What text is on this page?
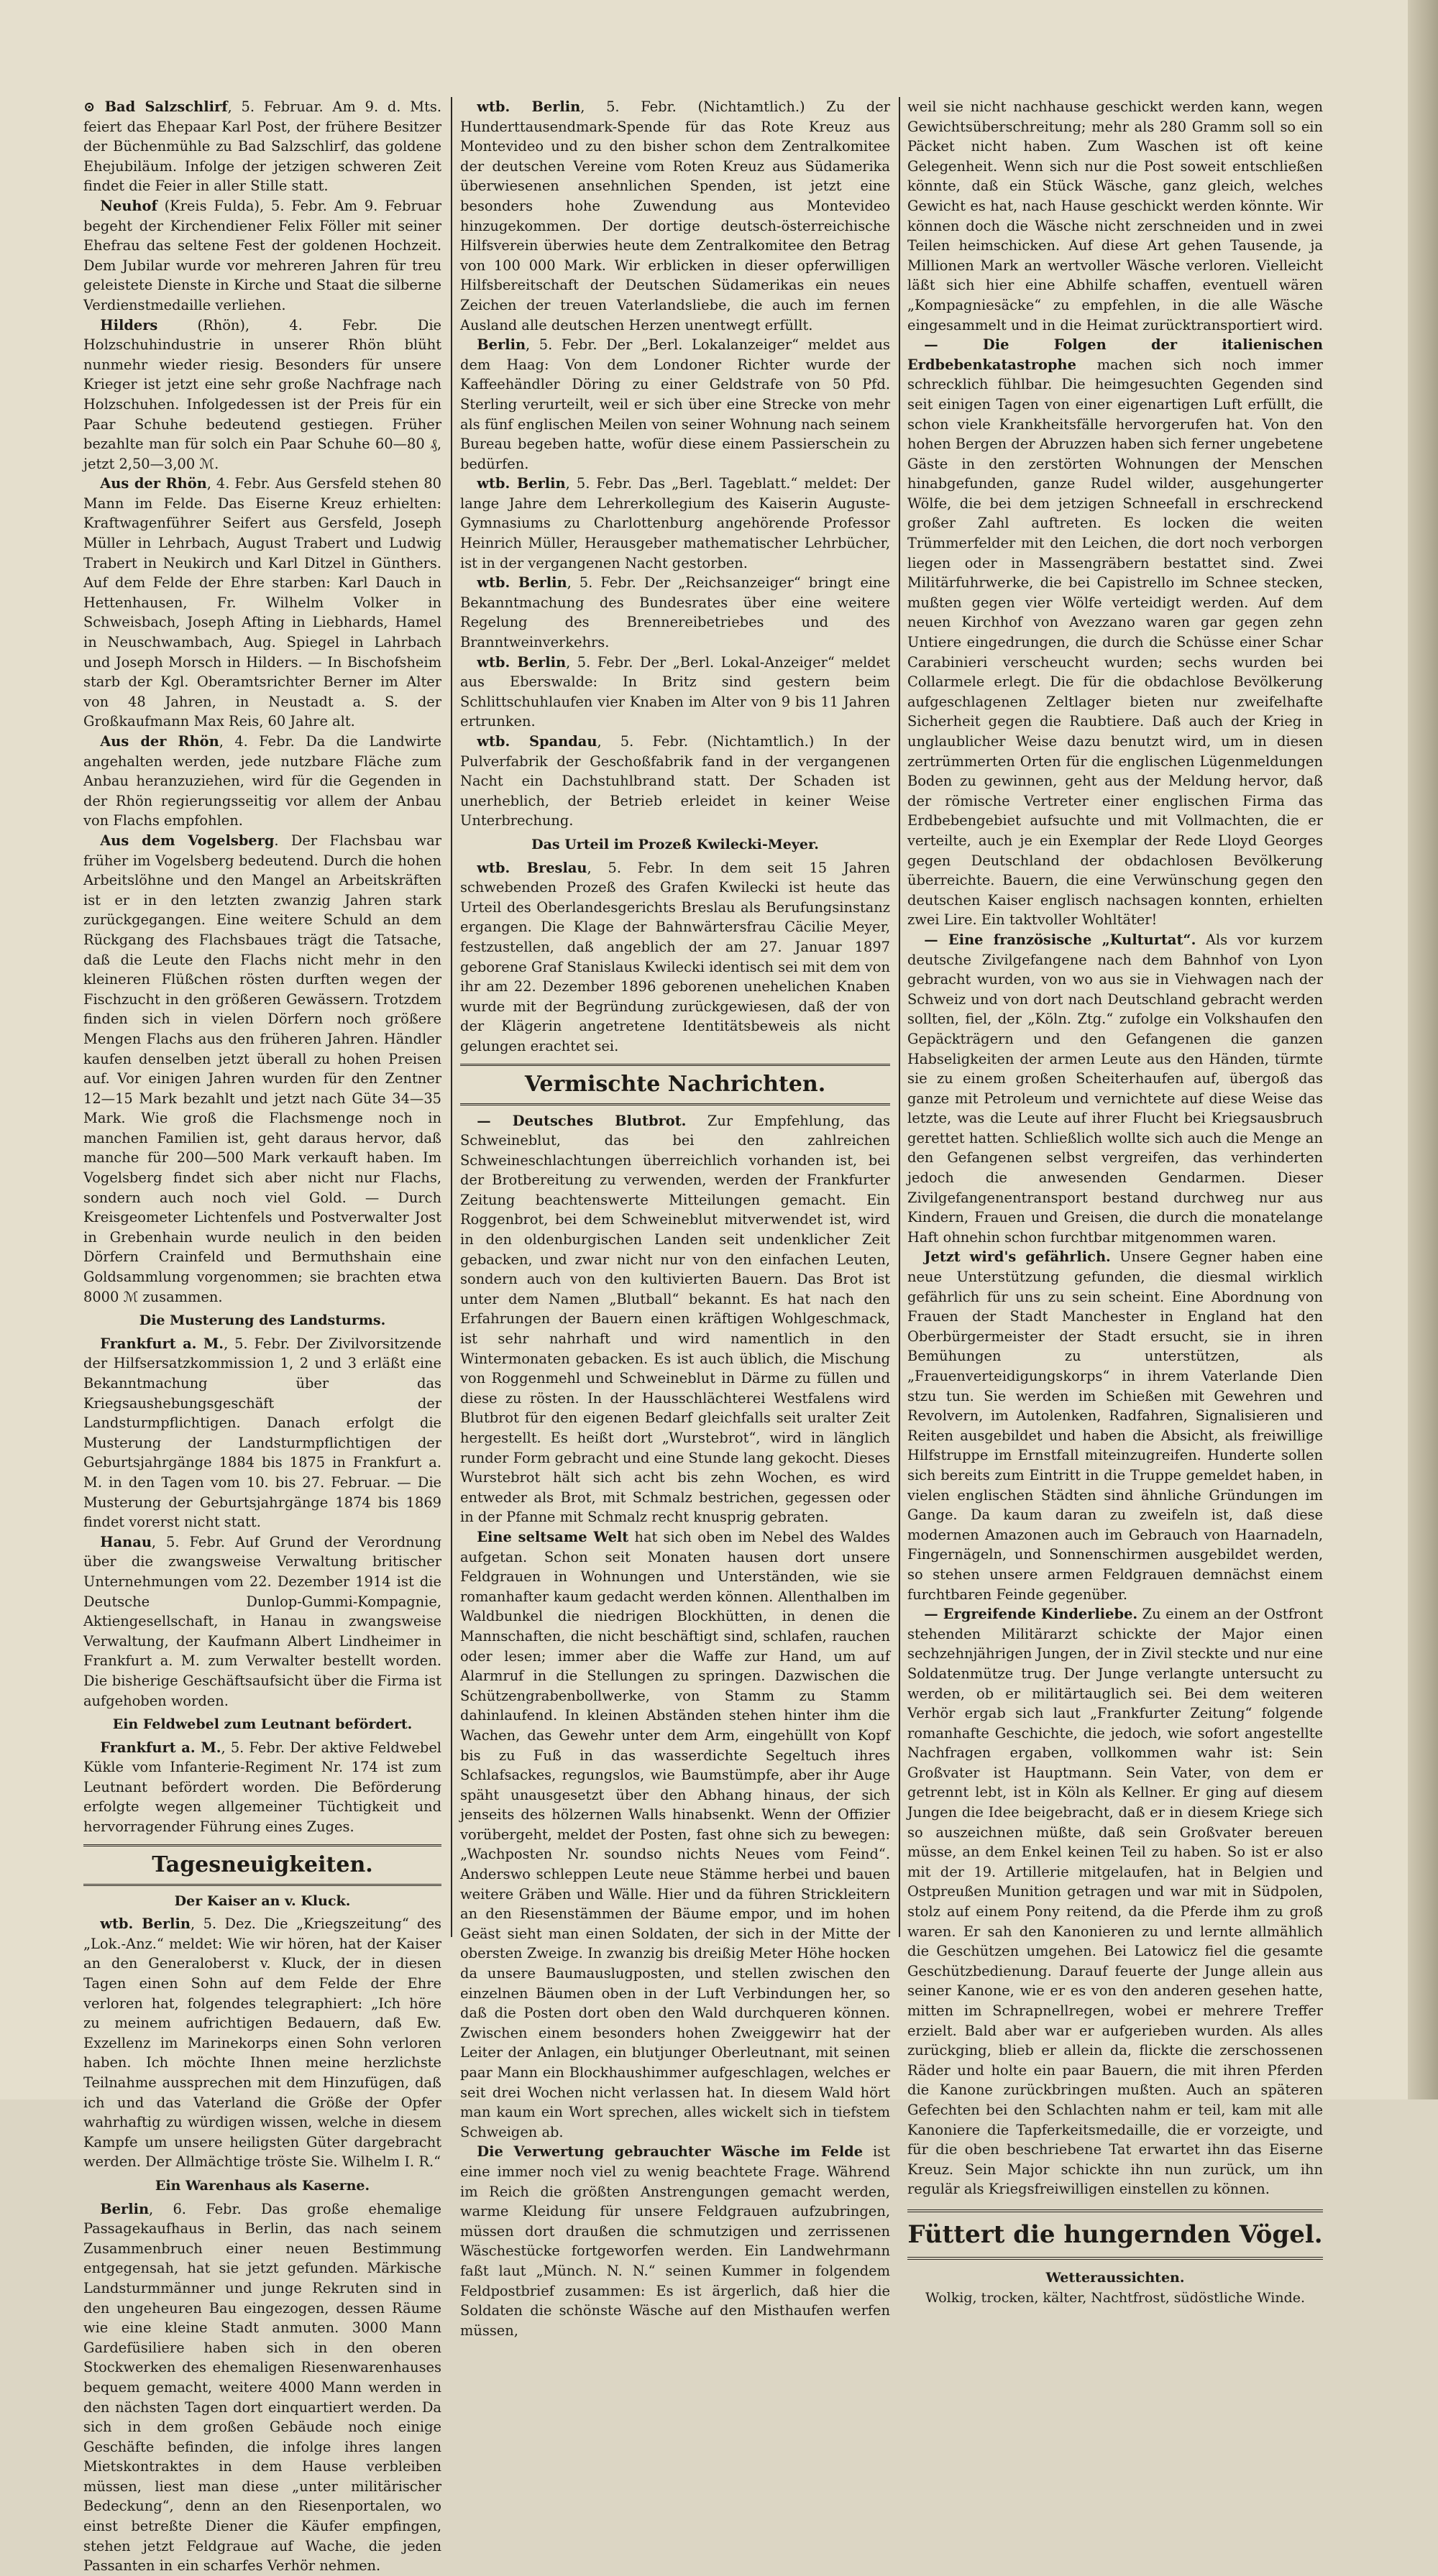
⊙ Bad Salzschlirf, 5. Februar. Am 9. d. Mts. feiert das Ehepaar Karl Post, der frühere Besitzer der Büchenmühle zu Bad Salzschlirf, das goldene Ehejubiläum. Infolge der jetzigen schweren Zeit findet die Feier in aller Stille statt.

Neuhof (Kreis Fulda), 5. Febr. Am 9. Februar begeht der Kirchendiener Felix Föller mit seiner Ehefrau das seltene Fest der goldenen Hochzeit. Dem Jubilar wurde vor mehreren Jahren für treu geleistete Dienste in Kirche und Staat die silberne Verdienstmedaille verliehen.

Hilders (Rhön), 4. Febr. Die Holzschuhindustrie in unserer Rhön blüht nunmehr wieder riesig. Besonders für unsere Krieger ist jetzt eine sehr große Nachfrage nach Holzschuhen. Infolgedessen ist der Preis für ein Paar Schuhe bedeutend gestiegen. Früher bezahlte man für solch ein Paar Schuhe 60—80 ₰, jetzt 2,50—3,00 ℳ.

Aus der Rhön, 4. Febr. Aus Gersfeld stehen 80 Mann im Felde. Das Eiserne Kreuz erhielten: Kraftwagenführer Seifert aus Gersfeld, Joseph Müller in Lehrbach, August Trabert und Ludwig Trabert in Neukirch und Karl Ditzel in Günthers. Auf dem Felde der Ehre starben: Karl Dauch in Hettenhausen, Fr. Wilhelm Volker in Schweisbach, Joseph Afting in Liebhards, Hamel in Neuschwambach, Aug. Spiegel in Lahrbach und Joseph Morsch in Hilders. — In Bischofsheim starb der Kgl. Oberamtsrichter Berner im Alter von 48 Jahren, in Neustadt a. S. der Großkaufmann Max Reis, 60 Jahre alt.

Aus der Rhön, 4. Febr. Da die Landwirte angehalten werden, jede nutzbare Fläche zum Anbau heranzuziehen, wird für die Gegenden in der Rhön regierungsseitig vor allem der Anbau von Flachs empfohlen.

Aus dem Vogelsberg. Der Flachsbau war früher im Vogelsberg bedeutend. Durch die hohen Arbeitslöhne und den Mangel an Arbeitskräften ist er in den letzten zwanzig Jahren stark zurückgegangen. Eine weitere Schuld an dem Rückgang des Flachsbaues trägt die Tatsache, daß die Leute den Flachs nicht mehr in den kleineren Flüßchen rösten durften wegen der Fischzucht in den größeren Gewässern. Trotzdem finden sich in vielen Dörfern noch größere Mengen Flachs aus den früheren Jahren. Händler kaufen denselben jetzt überall zu hohen Preisen auf. Vor einigen Jahren wurden für den Zentner 12—15 Mark bezahlt und jetzt nach Güte 34—35 Mark. Wie groß die Flachsmenge noch in manchen Familien ist, geht daraus hervor, daß manche für 200—500 Mark verkauft haben. Im Vogelsberg findet sich aber nicht nur Flachs, sondern auch noch viel Gold. — Durch Kreisgeometer Lichtenfels und Postverwalter Jost in Grebenhain wurde neulich in den beiden Dörfern Crainfeld und Bermuthshain eine Goldsammlung vorgenommen; sie brachten etwa 8000 ℳ zusammen.

Die Musterung des Landsturms.

Frankfurt a. M., 5. Febr. Der Zivilvorsitzende der Hilfsersatzkommission 1, 2 und 3 erläßt eine Bekanntmachung über das Kriegsaushebungsgeschäft der Landsturmpflichtigen. Danach erfolgt die Musterung der Landsturmpflichtigen der Geburtsjahrgänge 1884 bis 1875 in Frankfurt a. M. in den Tagen vom 10. bis 27. Februar. — Die Musterung der Geburtsjahrgänge 1874 bis 1869 findet vorerst nicht statt.

Hanau, 5. Febr. Auf Grund der Verordnung über die zwangsweise Verwaltung britischer Unternehmungen vom 22. Dezember 1914 ist die Deutsche Dunlop-Gummi-Kompagnie, Aktiengesellschaft, in Hanau in zwangsweise Verwaltung, der Kaufmann Albert Lindheimer in Frankfurt a. M. zum Verwalter bestellt worden. Die bisherige Geschäftsaufsicht über die Firma ist aufgehoben worden.

Ein Feldwebel zum Leutnant befördert.

Frankfurt a. M., 5. Febr. Der aktive Feldwebel Kükle vom Infanterie-Regiment Nr. 174 ist zum Leutnant befördert worden. Die Beförderung erfolgte wegen allgemeiner Tüchtigkeit und hervorragender Führung eines Zuges.

Tagesneuigkeiten.
Der Kaiser an v. Kluck.

wtb. Berlin, 5. Dez. Die „Kriegszeitung“ des „Lok.-Anz.“ meldet: Wie wir hören, hat der Kaiser an den Generaloberst v. Kluck, der in diesen Tagen einen Sohn auf dem Felde der Ehre verloren hat, folgendes telegraphiert: „Ich höre zu meinem aufrichtigen Bedauern, daß Ew. Exzellenz im Marinekorps einen Sohn verloren haben. Ich möchte Ihnen meine herzlichste Teilnahme aussprechen mit dem Hinzufügen, daß ich und das Vaterland die Größe der Opfer wahrhaftig zu würdigen wissen, welche in diesem Kampfe um unsere heiligsten Güter dargebracht werden. Der Allmächtige tröste Sie. Wilhelm I. R.“

Ein Warenhaus als Kaserne.

Berlin, 6. Febr. Das große ehemalige Passagekaufhaus in Berlin, das nach seinem Zusammenbruch einer neuen Bestimmung entgegensah, hat sie jetzt gefunden. Märkische Landsturmmänner und junge Rekruten sind in den ungeheuren Bau eingezogen, dessen Räume wie eine kleine Stadt anmuten. 3000 Mann Gardefüsiliere haben sich in den oberen Stockwerken des ehemaligen Riesenwarenhauses bequem gemacht, weitere 4000 Mann werden in den nächsten Tagen dort einquartiert werden. Da sich in dem großen Gebäude noch einige Geschäfte befinden, die infolge ihres langen Mietskontraktes in dem Hause verbleiben müssen, liest man diese „unter militärischer Bedeckung“, denn an den Riesenportalen, wo einst betreßte Diener die Käufer empfingen, stehen jetzt Feldgraue auf Wache, die jeden Passanten in ein scharfes Verhör nehmen.

wtb. Berlin, 5. Febr. (Nichtamtlich.) Zu der Hunderttausendmark-Spende für das Rote Kreuz aus Montevideo und zu den bisher schon dem Zentralkomitee der deutschen Vereine vom Roten Kreuz aus Südamerika überwiesenen ansehnlichen Spenden, ist jetzt eine besonders hohe Zuwendung aus Montevideo hinzugekommen. Der dortige deutsch-österreichische Hilfsverein überwies heute dem Zentralkomitee den Betrag von 100 000 Mark. Wir erblicken in dieser opferwilligen Hilfsbereitschaft der Deutschen Südamerikas ein neues Zeichen der treuen Vaterlandsliebe, die auch im fernen Ausland alle deutschen Herzen unentwegt erfüllt.

Berlin, 5. Febr. Der „Berl. Lokalanzeiger“ meldet aus dem Haag: Von dem Londoner Richter wurde der Kaffeehändler Döring zu einer Geldstrafe von 50 Pfd. Sterling verurteilt, weil er sich über eine Strecke von mehr als fünf englischen Meilen von seiner Wohnung nach seinem Bureau begeben hatte, wofür diese einem Passierschein zu bedürfen.

wtb. Berlin, 5. Febr. Das „Berl. Tageblatt.“ meldet: Der lange Jahre dem Lehrerkollegium des Kaiserin Auguste-Gymnasiums zu Charlottenburg angehörende Professor Heinrich Müller, Herausgeber mathematischer Lehrbücher, ist in der vergangenen Nacht gestorben.

wtb. Berlin, 5. Febr. Der „Reichsanzeiger“ bringt eine Bekanntmachung des Bundesrates über eine weitere Regelung des Brennereibetriebes und des Branntweinverkehrs.

wtb. Berlin, 5. Febr. Der „Berl. Lokal-Anzeiger“ meldet aus Eberswalde: In Britz sind gestern beim Schlittschuhlaufen vier Knaben im Alter von 9 bis 11 Jahren ertrunken.

wtb. Spandau, 5. Febr. (Nichtamtlich.) In der Pulverfabrik der Geschoßfabrik fand in der vergangenen Nacht ein Dachstuhlbrand statt. Der Schaden ist unerheblich, der Betrieb erleidet in keiner Weise Unterbrechung.

Das Urteil im Prozeß Kwilecki-Meyer.

wtb. Breslau, 5. Febr. In dem seit 15 Jahren schwebenden Prozeß des Grafen Kwilecki ist heute das Urteil des Oberlandesgerichts Breslau als Berufungsinstanz ergangen. Die Klage der Bahnwärtersfrau Cäcilie Meyer, festzustellen, daß angeblich der am 27. Januar 1897 geborene Graf Stanislaus Kwilecki identisch sei mit dem von ihr am 22. Dezember 1896 geborenen unehelichen Knaben wurde mit der Begründung zurückgewiesen, daß der von der Klägerin angetretene Identitätsbeweis als nicht gelungen erachtet sei.

Vermischte Nachrichten.

— Deutsches Blutbrot. Zur Empfehlung, das Schweineblut, das bei den zahlreichen Schweineschlachtungen überreichlich vorhanden ist, bei der Brotbereitung zu verwenden, werden der Frankfurter Zeitung beachtenswerte Mitteilungen gemacht. Ein Roggenbrot, bei dem Schweineblut mitverwendet ist, wird in den oldenburgischen Landen seit undenklicher Zeit gebacken, und zwar nicht nur von den einfachen Leuten, sondern auch von den kultivierten Bauern. Das Brot ist unter dem Namen „Blutball“ bekannt. Es hat nach den Erfahrungen der Bauern einen kräftigen Wohlgeschmack, ist sehr nahrhaft und wird namentlich in den Wintermonaten gebacken. Es ist auch üblich, die Mischung von Roggenmehl und Schweineblut in Därme zu füllen und diese zu rösten. In der Hausschlächterei Westfalens wird Blutbrot für den eigenen Bedarf gleichfalls seit uralter Zeit hergestellt. Es heißt dort „Wurstebrot“, wird in länglich runder Form gebracht und eine Stunde lang gekocht. Dieses Wurstebrot hält sich acht bis zehn Wochen, es wird entweder als Brot, mit Schmalz bestrichen, gegessen oder in der Pfanne mit Schmalz recht knusprig gebraten.

Eine seltsame Welt hat sich oben im Nebel des Waldes aufgetan. Schon seit Monaten hausen dort unsere Feldgrauen in Wohnungen und Unterständen, wie sie romanhafter kaum gedacht werden können. Allenthalben im Waldbunkel die niedrigen Blockhütten, in denen die Mannschaften, die nicht beschäftigt sind, schlafen, rauchen oder lesen; immer aber die Waffe zur Hand, um auf Alarmruf in die Stellungen zu springen. Dazwischen die Schützengrabenbollwerke, von Stamm zu Stamm dahinlaufend. In kleinen Abständen stehen hinter ihm die Wachen, das Gewehr unter dem Arm, eingehüllt von Kopf bis zu Fuß in das wasserdichte Segeltuch ihres Schlafsackes, regungslos, wie Baumstümpfe, aber ihr Auge späht unausgesetzt über den Abhang hinaus, der sich jenseits des hölzernen Walls hinabsenkt. Wenn der Offizier vorübergeht, meldet der Posten, fast ohne sich zu bewegen: „Wachposten Nr. soundso nichts Neues vom Feind“. Anderswo schleppen Leute neue Stämme herbei und bauen weitere Gräben und Wälle. Hier und da führen Strickleitern an den Riesenstämmen der Bäume empor, und im hohen Geäst sieht man einen Soldaten, der sich in der Mitte der obersten Zweige. In zwanzig bis dreißig Meter Höhe hocken da unsere Baumauslugposten, und stellen zwischen den einzelnen Bäumen oben in der Luft Verbindungen her, so daß die Posten dort oben den Wald durchqueren können. Zwischen einem besonders hohen Zweiggewirr hat der Leiter der Anlagen, ein blutjunger Oberleutnant, mit seinen paar Mann ein Blockhaushimmer aufgeschlagen, welches er seit drei Wochen nicht verlassen hat. In diesem Wald hört man kaum ein Wort sprechen, alles wickelt sich in tiefstem Schweigen ab.

Die Verwertung gebrauchter Wäsche im Felde ist eine immer noch viel zu wenig beachtete Frage. Während im Reich die größten Anstrengungen gemacht werden, warme Kleidung für unsere Feldgrauen aufzubringen, müssen dort draußen die schmutzigen und zerrissenen Wäschestücke fortgeworfen werden. Ein Landwehrmann faßt laut „Münch. N. N.“ seinen Kummer in folgendem Feldpostbrief zusammen: Es ist ärgerlich, daß hier die Soldaten die schönste Wäsche auf den Misthaufen werfen müssen,

weil sie nicht nachhause geschickt werden kann, wegen Gewichtsüberschreitung; mehr als 280 Gramm soll so ein Päcket nicht haben. Zum Waschen ist oft keine Gelegenheit. Wenn sich nur die Post soweit entschließen könnte, daß ein Stück Wäsche, ganz gleich, welches Gewicht es hat, nach Hause geschickt werden könnte. Wir können doch die Wäsche nicht zerschneiden und in zwei Teilen heimschicken. Auf diese Art gehen Tausende, ja Millionen Mark an wertvoller Wäsche verloren. Vielleicht läßt sich hier eine Abhilfe schaffen, eventuell wären „Kompagniesäcke“ zu empfehlen, in die alle Wäsche eingesammelt und in die Heimat zurücktransportiert wird.

— Die Folgen der italienischen Erdbebenkatastrophe machen sich noch immer schrecklich fühlbar. Die heimgesuchten Gegenden sind seit einigen Tagen von einer eigenartigen Luft erfüllt, die schon viele Krankheitsfälle hervorgerufen hat. Von den hohen Bergen der Abruzzen haben sich ferner ungebetene Gäste in den zerstörten Wohnungen der Menschen hinabgefunden, ganze Rudel wilder, ausgehungerter Wölfe, die bei dem jetzigen Schneefall in erschreckend großer Zahl auftreten. Es locken die weiten Trümmerfelder mit den Leichen, die dort noch verborgen liegen oder in Massengräbern bestattet sind. Zwei Militärfuhrwerke, die bei Capistrello im Schnee stecken, mußten gegen vier Wölfe verteidigt werden. Auf dem neuen Kirchhof von Avezzano waren gar gegen zehn Untiere eingedrungen, die durch die Schüsse einer Schar Carabinieri verscheucht wurden; sechs wurden bei Collarmele erlegt. Die für die obdachlose Bevölkerung aufgeschlagenen Zeltlager bieten nur zweifelhafte Sicherheit gegen die Raubtiere. Daß auch der Krieg in unglaublicher Weise dazu benutzt wird, um in diesen zertrümmerten Orten für die englischen Lügenmeldungen Boden zu gewinnen, geht aus der Meldung hervor, daß der römische Vertreter einer englischen Firma das Erdbebengebiet aufsuchte und mit Vollmachten, die er verteilte, auch je ein Exemplar der Rede Lloyd Georges gegen Deutschland der obdachlosen Bevölkerung überreichte. Bauern, die eine Verwünschung gegen den deutschen Kaiser englisch nachsagen konnten, erhielten zwei Lire. Ein taktvoller Wohltäter!

— Eine französische „Kulturtat“. Als vor kurzem deutsche Zivilgefangene nach dem Bahnhof von Lyon gebracht wurden, von wo aus sie in Viehwagen nach der Schweiz und von dort nach Deutschland gebracht werden sollten, fiel, der „Köln. Ztg.“ zufolge ein Volkshaufen den Gepäckträgern und den Gefangenen die ganzen Habseligkeiten der armen Leute aus den Händen, türmte sie zu einem großen Scheiterhaufen auf, übergoß das ganze mit Petroleum und vernichtete auf diese Weise das letzte, was die Leute auf ihrer Flucht bei Kriegsausbruch gerettet hatten. Schließlich wollte sich auch die Menge an den Gefangenen selbst vergreifen, das verhinderten jedoch die anwesenden Gendarmen. Dieser Zivilgefangenentransport bestand durchweg nur aus Kindern, Frauen und Greisen, die durch die monatelange Haft ohnehin schon furchtbar mitgenommen waren.

Jetzt wird's gefährlich. Unsere Gegner haben eine neue Unterstützung gefunden, die diesmal wirklich gefährlich für uns zu sein scheint. Eine Abordnung von Frauen der Stadt Manchester in England hat den Oberbürgermeister der Stadt ersucht, sie in ihren Bemühungen zu unterstützen, als „Frauenverteidigungskorps“ in ihrem Vaterlande Dien stzu tun. Sie werden im Schießen mit Gewehren und Revolvern, im Autolenken, Radfahren, Signalisieren und Reiten ausgebildet und haben die Absicht, als freiwillige Hilfstruppe im Ernstfall miteinzugreifen. Hunderte sollen sich bereits zum Eintritt in die Truppe gemeldet haben, in vielen englischen Städten sind ähnliche Gründungen im Gange. Da kaum daran zu zweifeln ist, daß diese modernen Amazonen auch im Gebrauch von Haarnadeln, Fingernägeln, und Sonnenschirmen ausgebildet werden, so stehen unsere armen Feldgrauen demnächst einem furchtbaren Feinde gegenüber.

— Ergreifende Kinderliebe. Zu einem an der Ostfront stehenden Militärarzt schickte der Major einen sechzehnjährigen Jungen, der in Zivil steckte und nur eine Soldatenmütze trug. Der Junge verlangte untersucht zu werden, ob er militärtauglich sei. Bei dem weiteren Verhör ergab sich laut „Frankfurter Zeitung“ folgende romanhafte Geschichte, die jedoch, wie sofort angestellte Nachfragen ergaben, vollkommen wahr ist: Sein Großvater ist Hauptmann. Sein Vater, von dem er getrennt lebt, ist in Köln als Kellner. Er ging auf diesem Jungen die Idee beigebracht, daß er in diesem Kriege sich so auszeichnen müßte, daß sein Großvater bereuen müsse, an dem Enkel keinen Teil zu haben. So ist er also mit der 19. Artillerie mitgelaufen, hat in Belgien und Ostpreußen Munition getragen und war mit in Südpolen, stolz auf einem Pony reitend, da die Pferde ihm zu groß waren. Er sah den Kanonieren zu und lernte allmählich die Geschützen umgehen. Bei Latowicz fiel die gesamte Geschützbedienung. Darauf feuerte der Junge allein aus seiner Kanone, wie er es von den anderen gesehen hatte, mitten im Schrapnellregen, wobei er mehrere Treffer erzielt. Bald aber war er aufgerieben wurden. Als alles zurückging, blieb er allein da, flickte die zerschossenen Räder und holte ein paar Bauern, die mit ihren Pferden die Kanone zurückbringen mußten. Auch an späteren Gefechten bei den Schlachten nahm er teil, kam mit alle Kanoniere die Tapferkeitsmedaille, die er vorzeigte, und für die oben beschriebene Tat erwartet ihn das Eiserne Kreuz. Sein Major schickte ihn nun zurück, um ihn regulär als Kriegsfreiwilligen einstellen zu können.

Füttert die hungernden Vögel.
Wetteraussichten.
Wolkig, trocken, kälter, Nachtfrost, südöstliche Winde.
